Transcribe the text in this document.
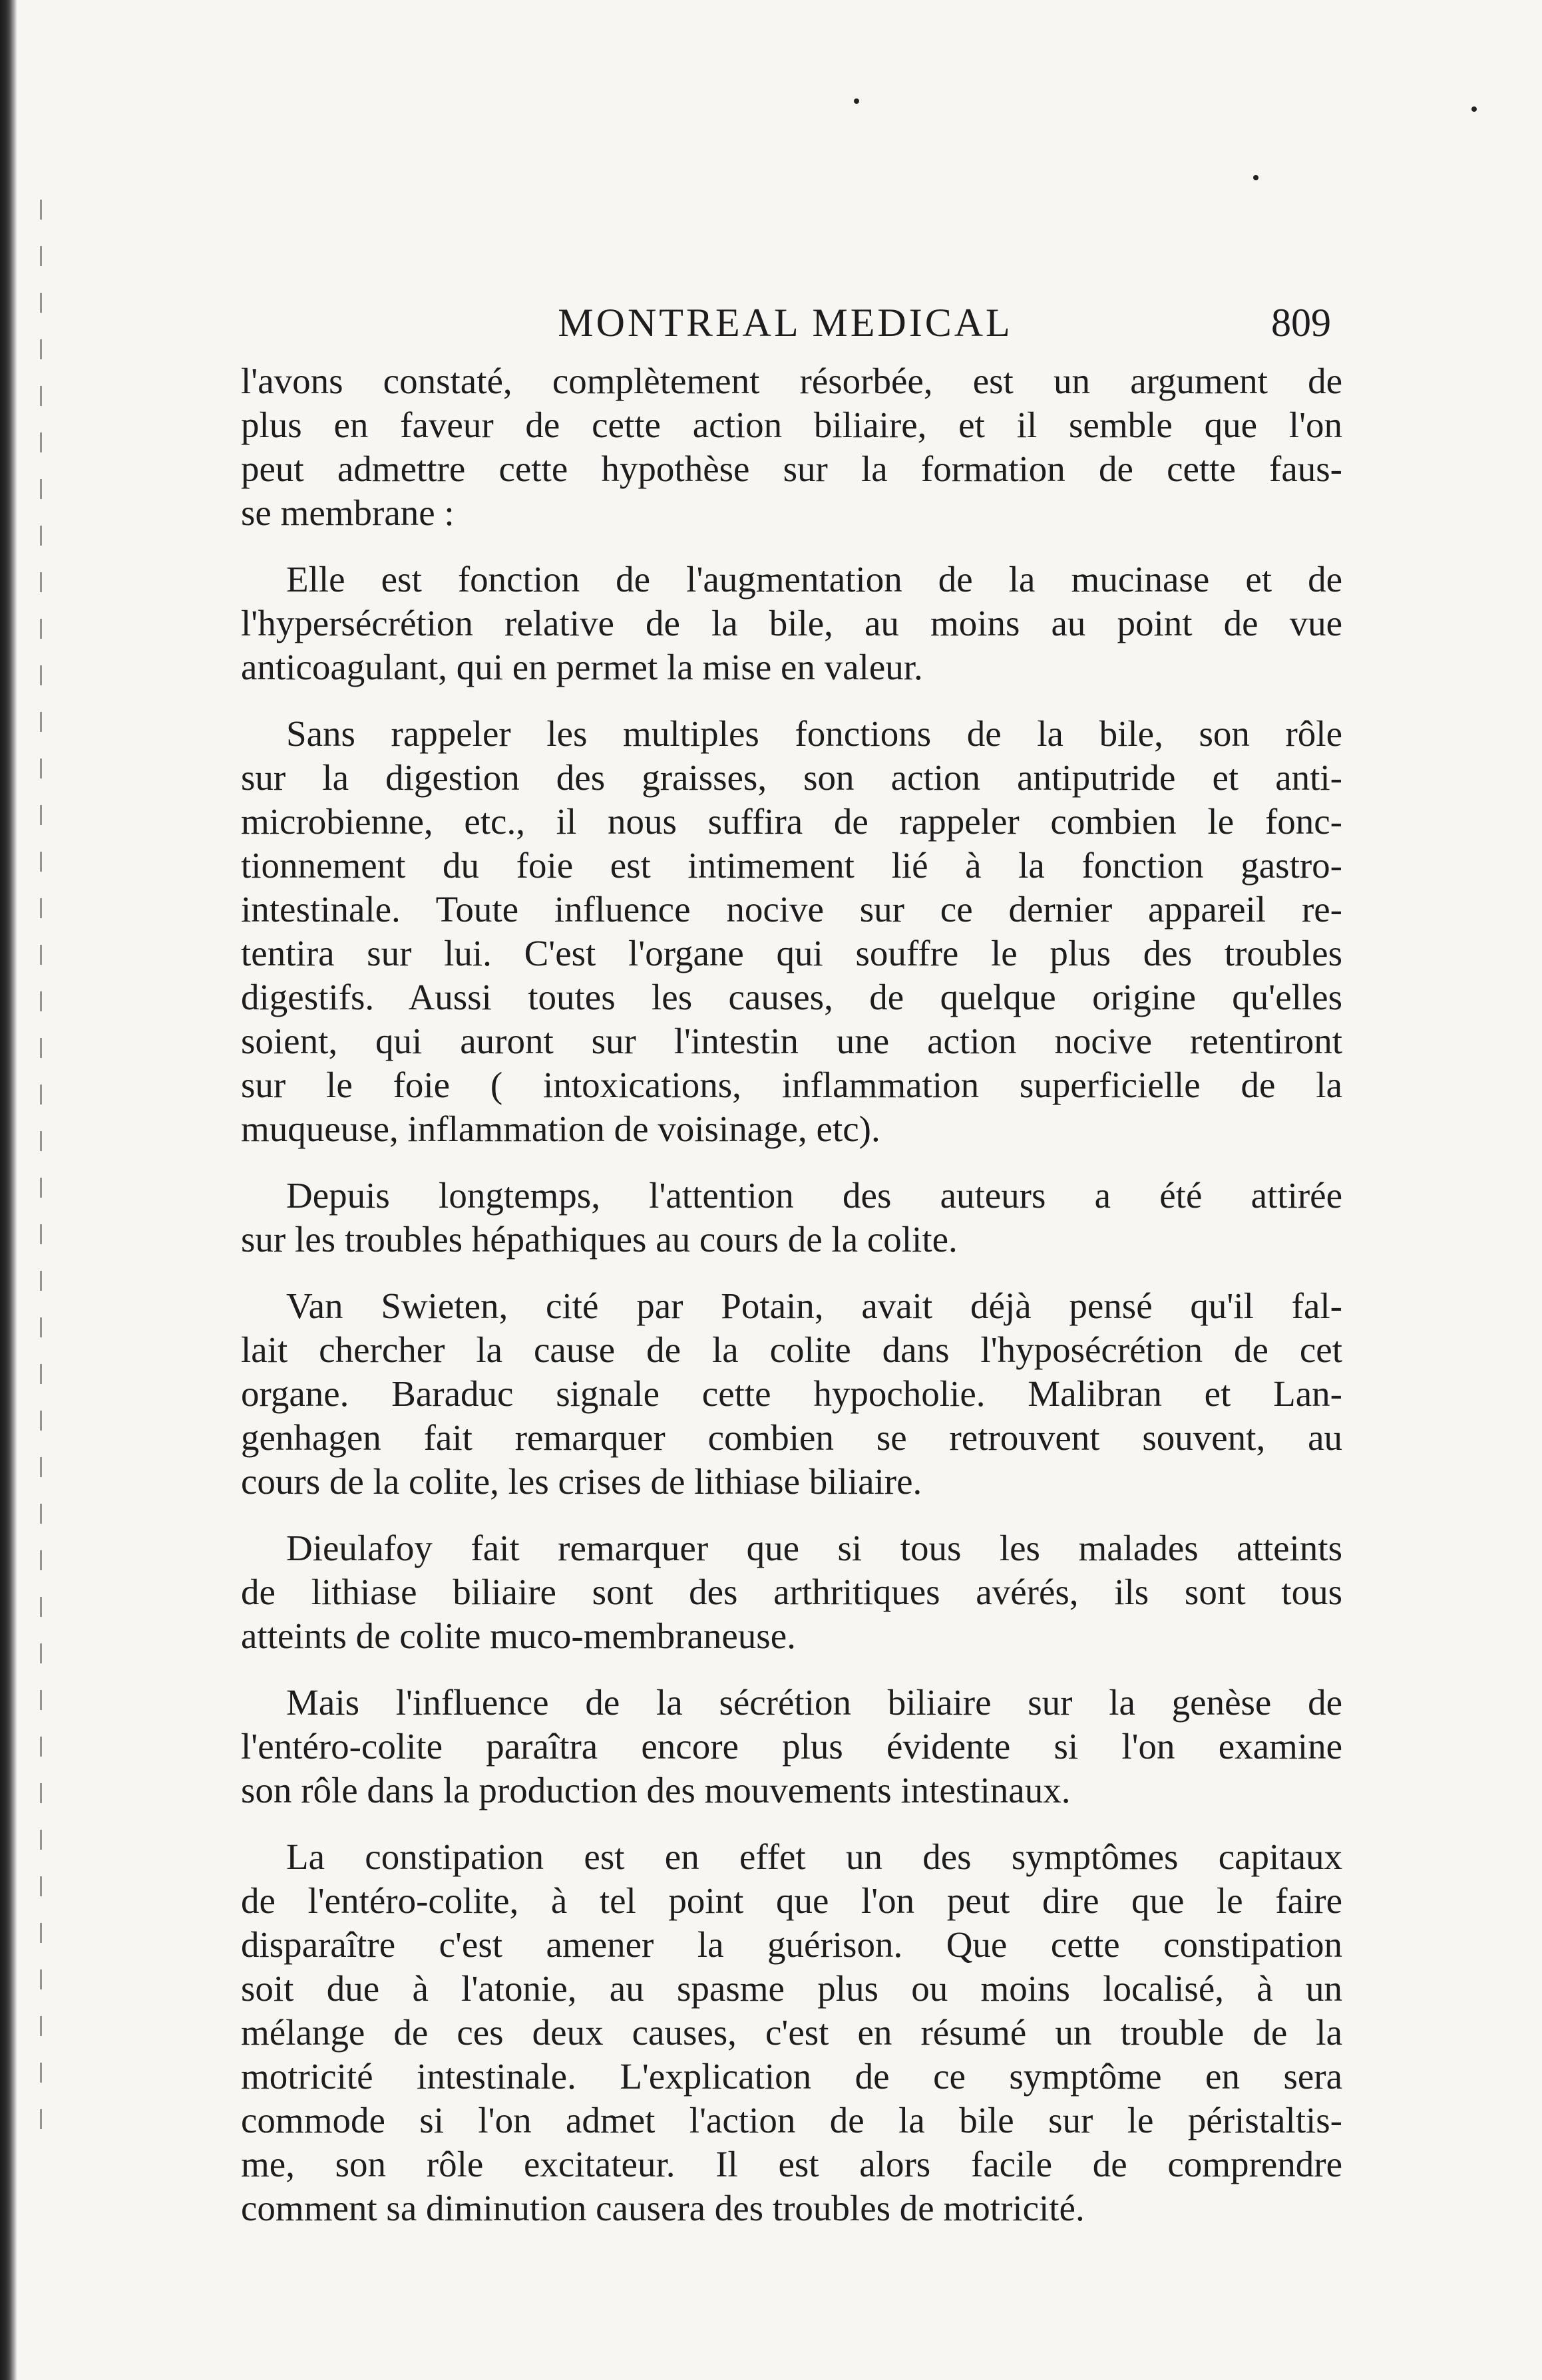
MONTREAL MEDICAL	809
l'avons constaté, complètement résorbée, est un argument de
plus en faveur de cette action biliaire, et il semble que l'on
peut admettre cette hypothèse sur la formation de cette faus-
se membrane :
Elle est fonction de l'augmentation de la mucinase et de
l'hypersécrétion relative de la bile, au moins au point de vue
anticoagulant, qui en permet la mise en valeur.
Sans rappeler les multiples fonctions de la bile, son rôle
sur la digestion des graisses, son action antiputride et anti-
microbienne, etc., il nous suffira de rappeler combien le fonc-
tionnement du foie est intimement lié à la fonction gastro-
intestinale. Toute influence nocive sur ce dernier appareil re-
tentira sur lui. C'est l'organe qui souffre le plus des troubles
digestifs. Aussi toutes les causes, de quelque origine qu'elles
soient, qui auront sur l'intestin une action nocive retentiront
sur le foie ( intoxications, inflammation superficielle de la
muqueuse, inflammation de voisinage, etc).
Depuis longtemps, l'attention des auteurs a été attirée
sur les troubles hépathiques au cours de la colite.
Van Swieten, cité par Potain, avait déjà pensé qu'il fal-
lait chercher la cause de la colite dans l'hyposécrétion de cet
organe. Baraduc signale cette hypocholie. Malibran et Lan-
genhagen fait remarquer combien se retrouvent souvent, au
cours de la colite, les crises de lithiase biliaire.
Dieulafoy fait remarquer que si tous les malades atteints
de lithiase biliaire sont des arthritiques avérés, ils sont tous
atteints de colite muco-membraneuse.
Mais l'influence de la sécrétion biliaire sur la genèse de
l'entéro-colite paraîtra encore plus évidente si l'on examine
son rôle dans la production des mouvements intestinaux.
La constipation est en effet un des symptômes capitaux
de l'entéro-colite, à tel point que l'on peut dire que le faire
disparaître c'est amener la guérison. Que cette constipation
soit due à l'atonie, au spasme plus ou moins localisé, à un
mélange de ces deux causes, c'est en résumé un trouble de la
motricité intestinale. L'explication de ce symptôme en sera
commode si l'on admet l'action de la bile sur le péristaltis-
me, son rôle excitateur. Il est alors facile de comprendre
comment sa diminution causera des troubles de motricité.
